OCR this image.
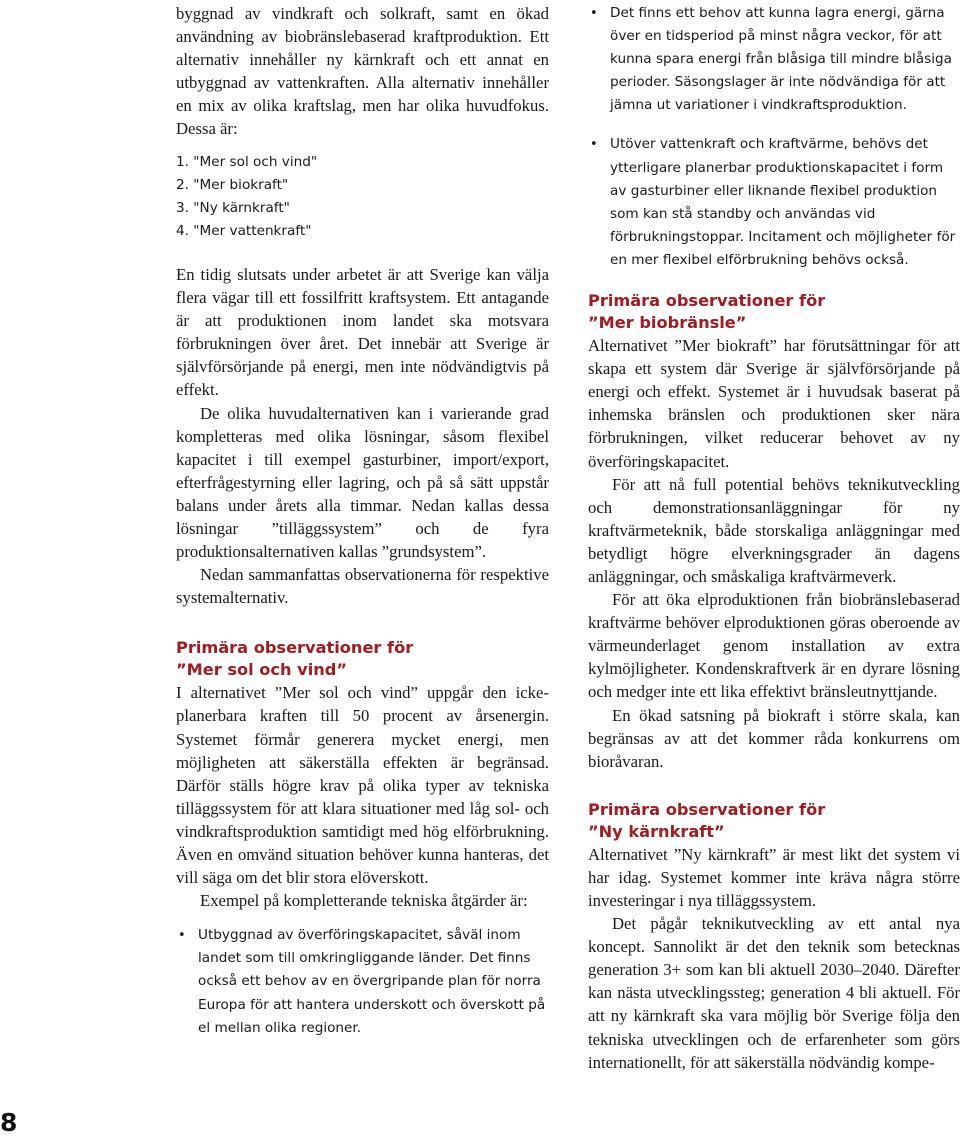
byggnad av vindkraft och solkraft, samt en ökad användning av biobränslebaserad kraftproduktion. Ett alternativ innehåller ny kärnkraft och ett annat en utbyggnad av vattenkraften. Alla alternativ innehåller en mix av olika kraftslag, men har olika huvudfokus. Dessa är:

1. "Mer sol och vind"
2. "Mer biokraft"
3. "Ny kärnkraft"
4. "Mer vattenkraft"

En tidig slutsats under arbetet är att Sverige kan välja flera vägar till ett fossilfritt kraftsystem. Ett antagande är att produktionen inom landet ska motsvara förbrukningen över året. Det innebär att Sverige är självförsörjande på energi, men inte nödvändigtvis på effekt.

De olika huvudalternativen kan i varierande grad kompletteras med olika lösningar, såsom flexibel kapacitet i till exempel gasturbiner, import/export, efterfrågestyrning eller lagring, och på så sätt uppstår balans under årets alla timmar. Nedan kallas dessa lösningar ”tilläggssystem” och de fyra produktionsalternativen kallas ”grundsystem”.

Nedan sammanfattas observationerna för respektive systemalternativ.

Primära observationer för
”Mer sol och vind”

I alternativet ”Mer sol och vind” uppgår den icke-planerbara kraften till 50 procent av årsenergin. Systemet förmår generera mycket energi, men möjligheten att säkerställa effekten är begränsad. Därför ställs högre krav på olika typer av tekniska tilläggssystem för att klara situationer med låg sol- och vindkraftsproduktion samtidigt med hög elförbrukning. Även en omvänd situation behöver kunna hanteras, det vill säga om det blir stora elöverskott.

Exempel på kompletterande tekniska åtgärder är:

• Utbyggnad av överföringskapacitet, såväl inom landet som till omkringliggande länder. Det finns också ett behov av en övergripande plan för norra Europa för att hantera underskott och överskott på el mellan olika regioner.
• Det finns ett behov att kunna lagra energi, gärna över en tidsperiod på minst några veckor, för att kunna spara energi från blåsiga till mindre blåsiga perioder. Säsongslager är inte nödvändiga för att jämna ut variationer i vindkraftsproduktion.
• Utöver vattenkraft och kraftvärme, behövs det ytterligare planerbar produktionskapacitet i form av gasturbiner eller liknande flexibel produktion som kan stå standby och användas vid förbrukningstoppar. Incitament och möjligheter för en mer flexibel elförbrukning behövs också.
Primära observationer för
”Mer biobränsle”

Alternativet ”Mer biokraft” har förutsättningar för att skapa ett system där Sverige är självförsörjande på energi och effekt. Systemet är i huvudsak baserat på inhemska bränslen och produktionen sker nära förbrukningen, vilket reducerar behovet av ny överföringskapacitet.

För att nå full potential behövs teknikutveckling och demonstrationsanläggningar för ny kraftvärmeteknik, både storskaliga anläggningar med betydligt högre elverkningsgrader än dagens anläggningar, och småskaliga kraftvärmeverk.

För att öka elproduktionen från biobränslebaserad kraftvärme behöver elproduktionen göras oberoende av värmeunderlaget genom installation av extra kylmöjligheter. Kondenskraftverk är en dyrare lösning och medger inte ett lika effektivt bränsleutnyttjande.

En ökad satsning på biokraft i större skala, kan begränsas av att det kommer råda konkurrens om bioråvaran.

Primära observationer för
”Ny kärnkraft”

Alternativet ”Ny kärnkraft” är mest likt det system vi har idag. Systemet kommer inte kräva några större investeringar i nya tilläggssystem.

Det pågår teknikutveckling av ett antal nya koncept. Sannolikt är det den teknik som betecknas generation 3+ som kan bli aktuell 2030–2040. Därefter kan nästa utvecklingssteg; generation 4 bli aktuell. För att ny kärnkraft ska vara möjlig bör Sverige följa den tekniska utvecklingen och de erfarenheter som görs internationellt, för att säkerställa nödvändig kompe-

8
